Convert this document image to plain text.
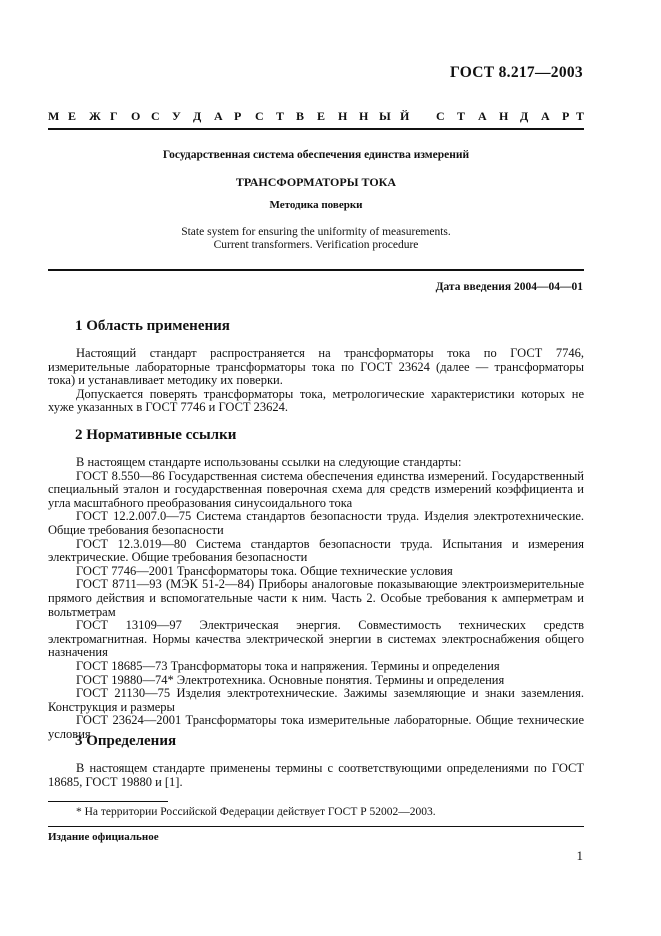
ГОСТ 8.217—2003
М Е Ж Г О С У Д А Р С Т В Е Н Н Ы Й С Т А Н Д А Р Т
Государственная система обеспечения единства измерений
ТРАНСФОРМАТОРЫ ТОКА
Методика поверки
State system for ensuring the uniformity of measurements.
Current transformers. Verification procedure
Дата введения 2004—04—01
1 Область применения
Настоящий стандарт распространяется на трансформаторы тока по ГОСТ 7746, измерительные лабораторные трансформаторы тока по ГОСТ 23624 (далее — трансформаторы тока) и устанавливает методику их поверки.
Допускается поверять трансформаторы тока, метрологические характеристики которых не хуже указанных в ГОСТ 7746 и ГОСТ 23624.
2 Нормативные ссылки
В настоящем стандарте использованы ссылки на следующие стандарты:
ГОСТ 8.550—86 Государственная система обеспечения единства измерений. Государственный специальный эталон и государственная поверочная схема для средств измерений коэффициента и угла масштабного преобразования синусоидального тока
ГОСТ 12.2.007.0—75 Система стандартов безопасности труда. Изделия электротехнические. Общие требования безопасности
ГОСТ 12.3.019—80 Система стандартов безопасности труда. Испытания и измерения электрические. Общие требования безопасности
ГОСТ 7746—2001 Трансформаторы тока. Общие технические условия
ГОСТ 8711—93 (МЭК 51-2—84) Приборы аналоговые показывающие электроизмерительные прямого действия и вспомогательные части к ним. Часть 2. Особые требования к амперметрам и вольтметрам
ГОСТ 13109—97 Электрическая энергия. Совместимость технических средств электромагнитная. Нормы качества электрической энергии в системах электроснабжения общего назначения
ГОСТ 18685—73 Трансформаторы тока и напряжения. Термины и определения
ГОСТ 19880—74* Электротехника. Основные понятия. Термины и определения
ГОСТ 21130—75 Изделия электротехнические. Зажимы заземляющие и знаки заземления. Конструкция и размеры
ГОСТ 23624—2001 Трансформаторы тока измерительные лабораторные. Общие технические условия
3 Определения
В настоящем стандарте применены термины с соответствующими определениями по ГОСТ 18685, ГОСТ 19880 и [1].
* На территории Российской Федерации действует ГОСТ Р 52002—2003.
Издание официальное
1
